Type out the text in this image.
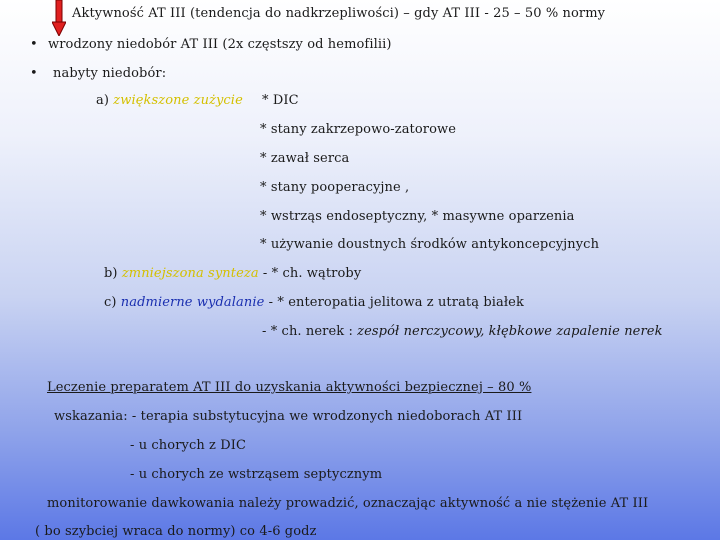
Aktywność AT III (tendencja do nadkrzepliwości) – gdy AT III - 25 – 50 % normy
• wrodzony niedobór AT III (2x częstszy od hemofilii)
• nabyty niedobór:
a) zwiększone zużycie * DIC
* stany zakrzepowo-zatorowe
* zawał serca
* stany pooperacyjne ,
* wstrząs endoseptyczny, * masywne oparzenia
* używanie doustnych środków antykoncepcyjnych
b) zmniejszona synteza - * ch. wątroby
c) nadmierne wydalanie - * enteropatia jelitowa z utratą białek
- * ch. nerek : zespół nerczycowy, kłębkowe zapalenie nerek
Leczenie preparatem AT III do uzyskania aktywności bezpiecznej – 80 %
wskazania: - terapia substytucyjna we wrodzonych niedoborach AT III
- u chorych z DIC
- u chorych ze wstrząsem septycznym
monitorowanie dawkowania należy prowadzić, oznaczając aktywność a nie stężenie AT III
( bo szybciej wraca do normy) co 4-6 godz
